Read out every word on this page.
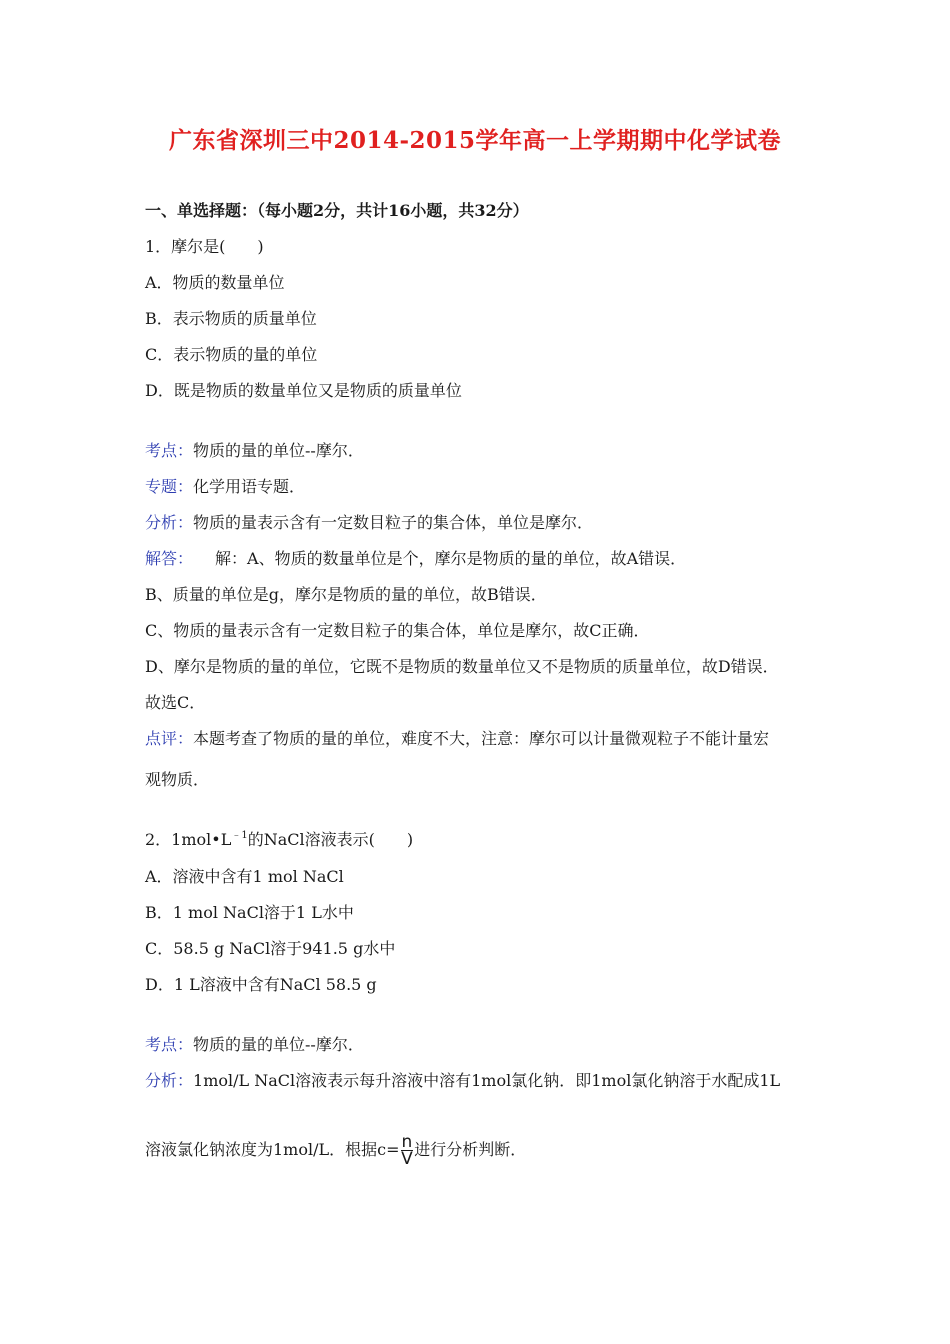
广东省深圳三中2014-2015学年高一上学期期中化学试卷
一、单选择题：（每小题2分，共计16小题，共32分）
1．摩尔是(　　)
A．物质的数量单位
B．表示物质的质量单位
C．表示物质的量的单位
D．既是物质的数量单位又是物质的质量单位
考点：物质的量的单位--摩尔．
专题：化学用语专题．
分析：物质的量表示含有一定数目粒子的集合体，单位是摩尔．
解答： 解：A、物质的数量单位是个，摩尔是物质的量的单位，故A错误．
B、质量的单位是g，摩尔是物质的量的单位，故B错误．
C、物质的量表示含有一定数目粒子的集合体，单位是摩尔，故C正确．
D、摩尔是物质的量的单位，它既不是物质的数量单位又不是物质的质量单位，故D错误．
故选C．
点评：本题考查了物质的量的单位，难度不大，注意：摩尔可以计量微观粒子不能计量宏
观物质．
2．$1mol•L^{﹣1}$的NaCl溶液表示(　　)
A．溶液中含有1 mol NaCl
B．1 mol NaCl溶于1 L水中
C．58.5 g NaCl溶于941.5 g水中
D．1 L溶液中含有NaCl 58.5 g
考点：物质的量的单位--摩尔．
分析：1mol/L NaCl溶液表示每升溶液中溶有1mol氯化钠．即1mol氯化钠溶于水配成1L
溶液氯化钠浓度为1mol/L．根据$c= \frac{n}{V}$ 进行分析判断．
